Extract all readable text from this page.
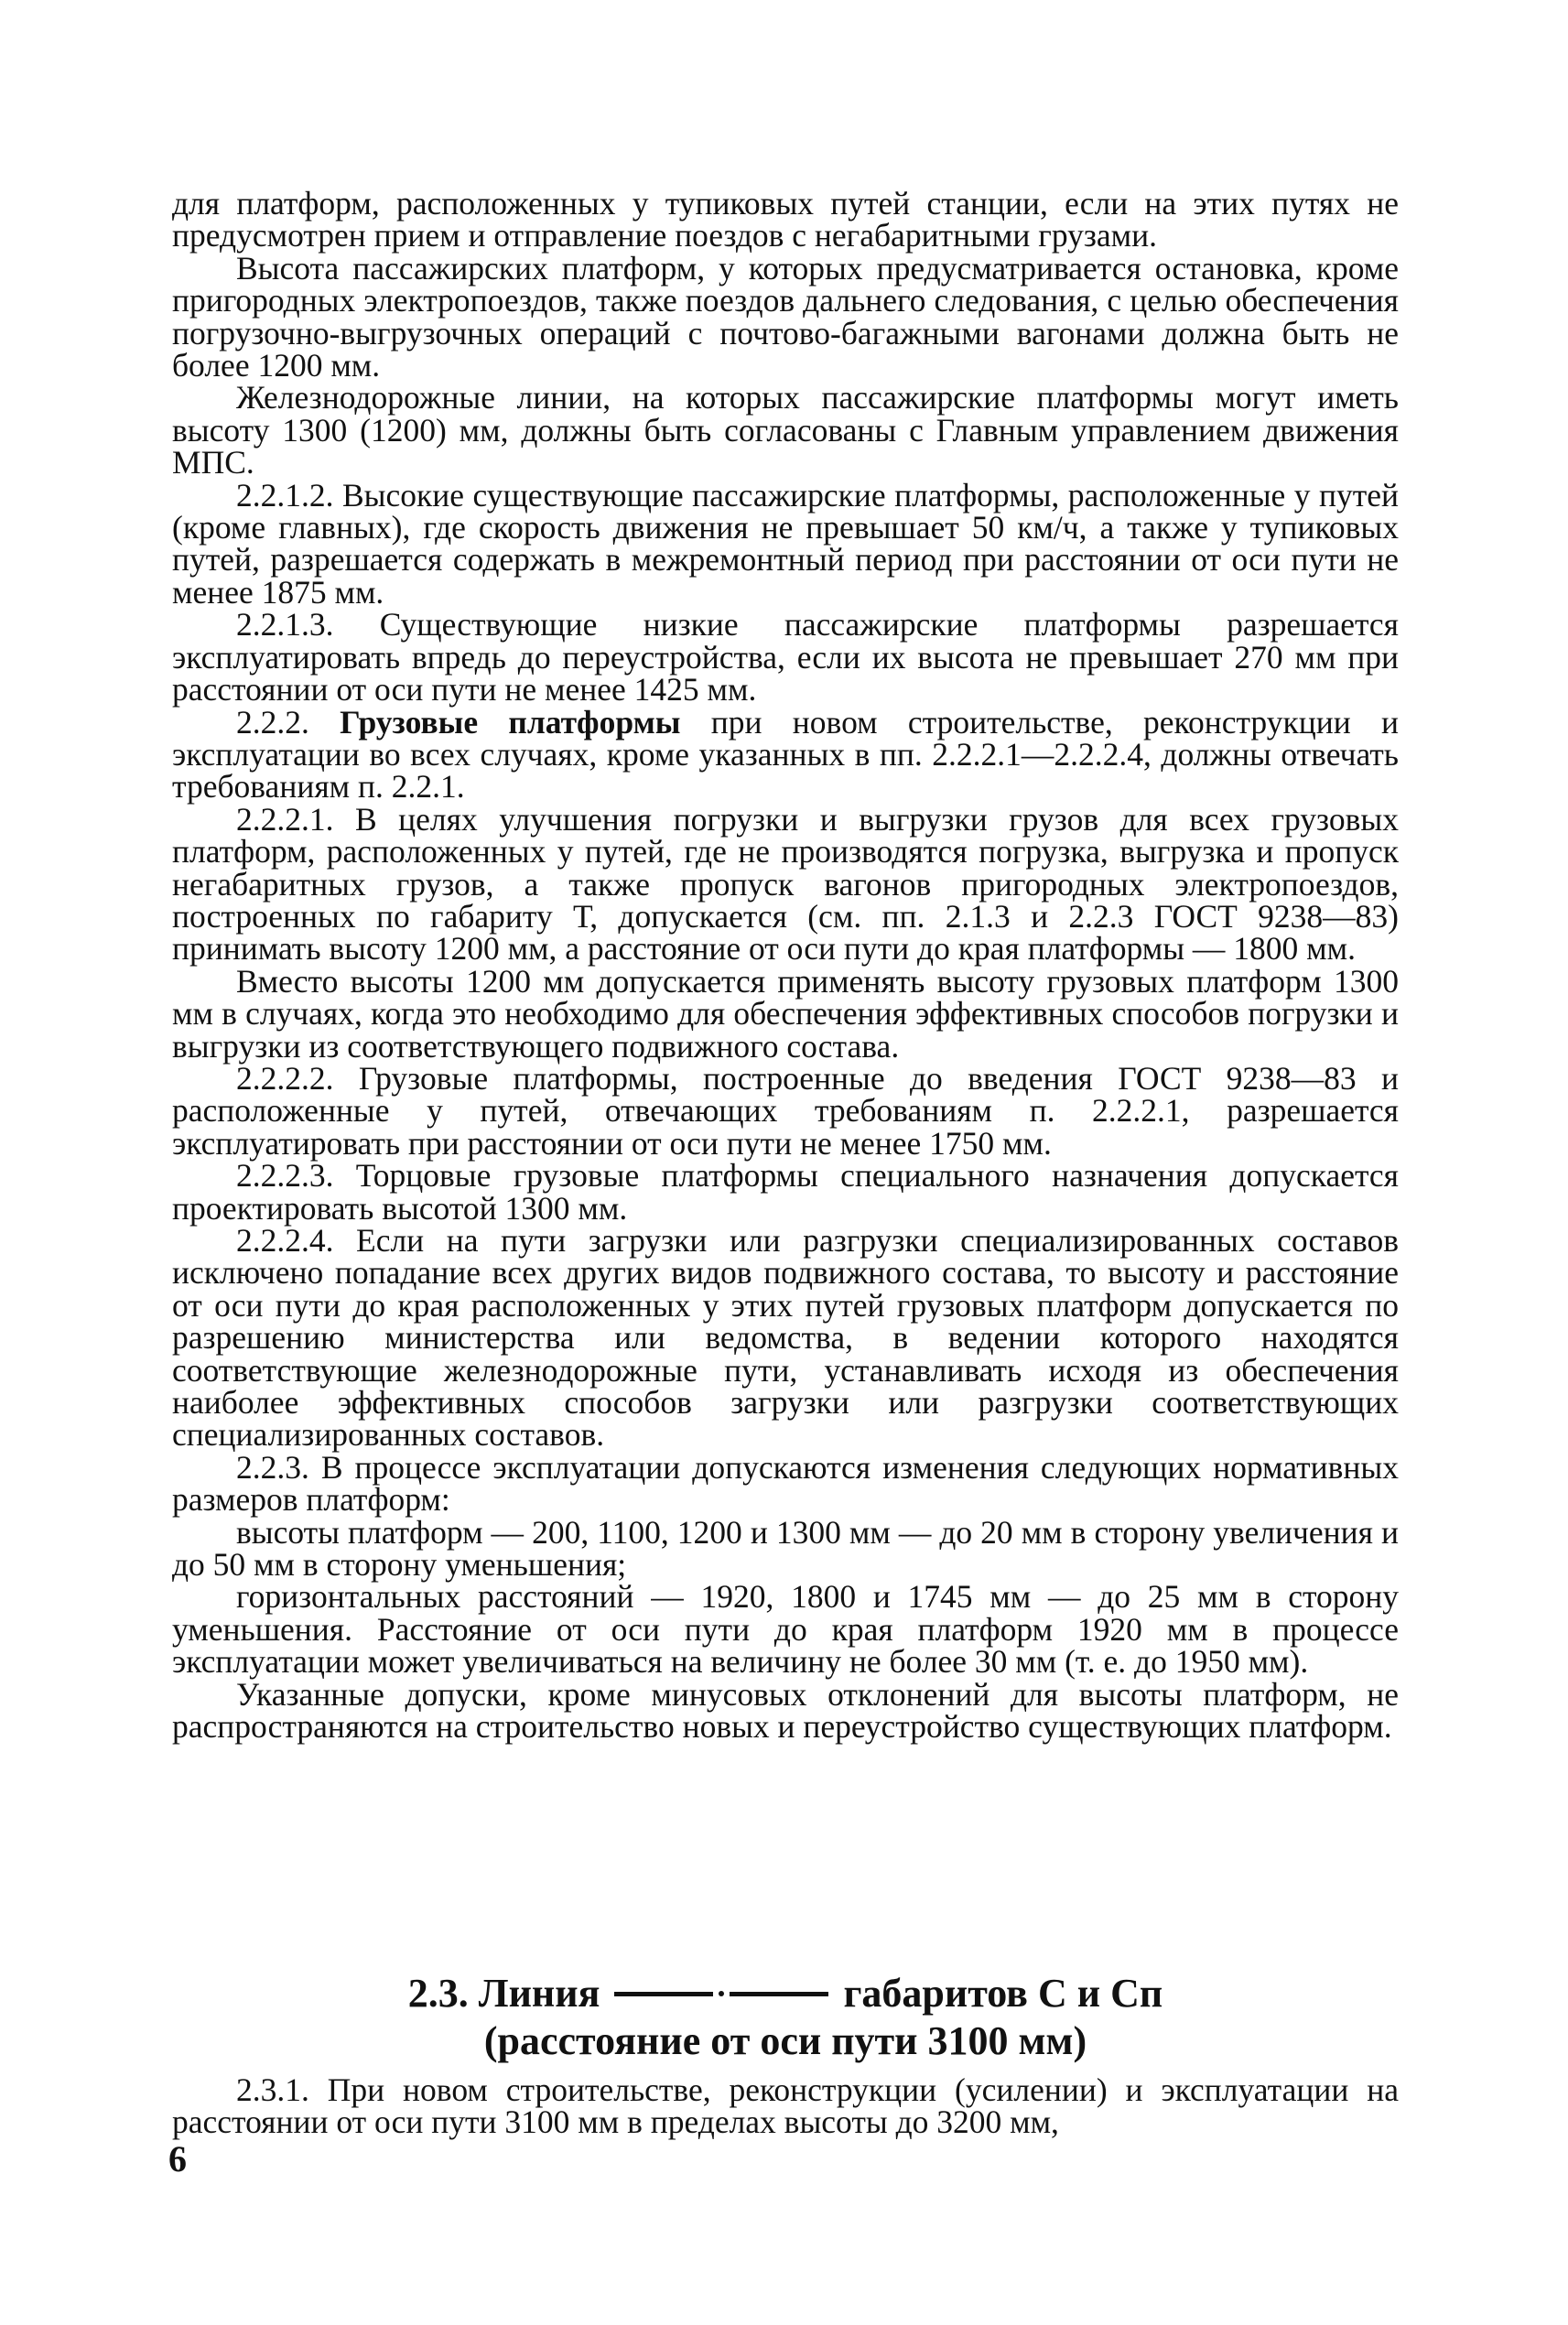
для платформ, расположенных у тупиковых путей станции, если на этих путях не предусмотрен прием и отправление поездов с негабаритными грузами.

Высота пассажирских платформ, у которых предусматривается остановка, кроме пригородных электропоездов, также поездов дальнего следования, с целью обеспечения погрузочно-выгрузочных операций с почтово-багажными вагонами должна быть не более 1200 мм.

Железнодорожные линии, на которых пассажирские платформы могут иметь высоту 1300 (1200) мм, должны быть согласованы с Главным управлением движения МПС.

2.2.1.2. Высокие существующие пассажирские платформы, расположенные у путей (кроме главных), где скорость движения не превышает 50 км/ч, а также у тупиковых путей, разрешается содержать в межремонтный период при расстоянии от оси пути не менее 1875 мм.

2.2.1.3. Существующие низкие пассажирские платформы разрешается эксплуатировать впредь до переустройства, если их высота не превышает 270 мм при расстоянии от оси пути не менее 1425 мм.

2.2.2. Грузовые платформы при новом строительстве, реконструкции и эксплуатации во всех случаях, кроме указанных в пп. 2.2.2.1—2.2.2.4, должны отвечать требованиям п. 2.2.1.

2.2.2.1. В целях улучшения погрузки и выгрузки грузов для всех грузовых платформ, расположенных у путей, где не производятся погрузка, выгрузка и пропуск негабаритных грузов, а также пропуск вагонов пригородных электропоездов, построенных по габариту Т, допускается (см. пп. 2.1.3 и 2.2.3 ГОСТ 9238—83) принимать высоту 1200 мм, а расстояние от оси пути до края платформы — 1800 мм.

Вместо высоты 1200 мм допускается применять высоту грузовых платформ 1300 мм в случаях, когда это необходимо для обеспечения эффективных способов погрузки и выгрузки из соответствующего подвижного состава.

2.2.2.2. Грузовые платформы, построенные до введения ГОСТ 9238—83 и расположенные у путей, отвечающих требованиям п. 2.2.2.1, разрешается эксплуатировать при расстоянии от оси пути не менее 1750 мм.

2.2.2.3. Торцовые грузовые платформы специального назначения допускается проектировать высотой 1300 мм.

2.2.2.4. Если на пути загрузки или разгрузки специализированных составов исключено попадание всех других видов подвижного состава, то высоту и расстояние от оси пути до края расположенных у этих путей грузовых платформ допускается по разрешению министерства или ведомства, в ведении которого находятся соответствующие железнодорожные пути, устанавливать исходя из обеспечения наиболее эффективных способов загрузки или разгрузки соответствующих специализированных составов.

2.2.3. В процессе эксплуатации допускаются изменения следующих нормативных размеров платформ:

высоты платформ — 200, 1100, 1200 и 1300 мм — до 20 мм в сторону увеличения и до 50 мм в сторону уменьшения;

горизонтальных расстояний — 1920, 1800 и 1745 мм — до 25 мм в сторону уменьшения. Расстояние от оси пути до края платформ 1920 мм в процессе эксплуатации может увеличиваться на величину не более 30 мм (т. е. до 1950 мм).

Указанные допуски, кроме минусовых отклонений для высоты платформ, не распространяются на строительство новых и переустройство существующих платформ.

2.3. Линия	габаритов С и Сп
(расстояние от оси пути 3100 мм)

2.3.1. При новом строительстве, реконструкции (усилении) и эксплуатации на расстоянии от оси пути 3100 мм в пределах высоты до 3200 мм,

6
